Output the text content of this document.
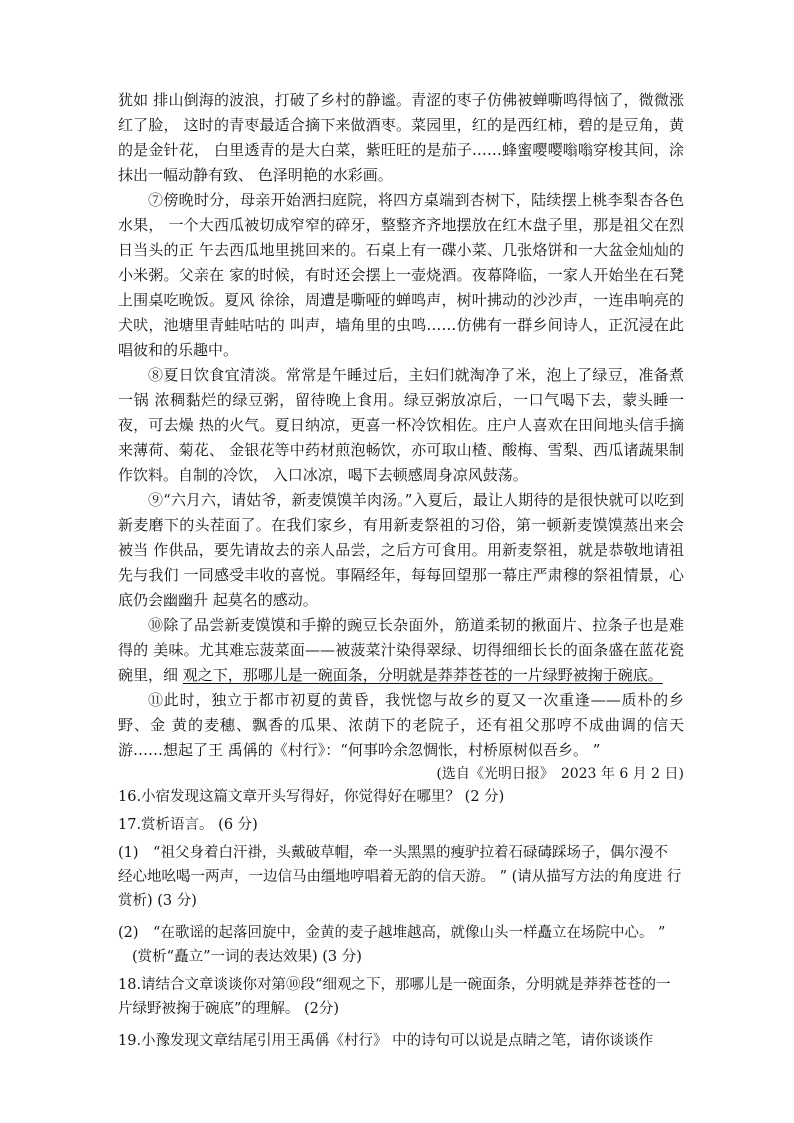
犹如 排山倒海的波浪，打破了乡村的静谧。青涩的枣子仿佛被蝉嘶鸣得恼了，微微涨红了脸， 这时的青枣最适合摘下来做酒枣。菜园里，红的是西红柿，碧的是豆角，黄的是金针花， 白里透青的是大白菜，紫旺旺的是茄子……蜂蜜嘤嘤嗡嗡穿梭其间，涂抹出一幅动静有致、 色泽明艳的水彩画。

⑦傍晚时分，母亲开始洒扫庭院，将四方桌端到杏树下，陆续摆上桃李梨杏各色水果， 一个大西瓜被切成窄窄的碎牙，整整齐齐地摆放在红木盘子里，那是祖父在烈日当头的正 午去西瓜地里挑回来的。石桌上有一碟小菜、几张烙饼和一大盆金灿灿的小米粥。父亲在 家的时候，有时还会摆上一壶烧酒。夜幕降临，一家人开始坐在石凳上围桌吃晚饭。夏风 徐徐，周遭是嘶哑的蝉鸣声，树叶拂动的沙沙声，一连串响亮的犬吠，池塘里青蛙咕咕的 叫声，墙角里的虫鸣……仿佛有一群乡间诗人，正沉浸在此唱彼和的乐趣中。

⑧夏日饮食宜清淡。常常是午睡过后，主妇们就淘净了米，泡上了绿豆，准备煮一锅 浓稠黏烂的绿豆粥，留待晚上食用。绿豆粥放凉后，一口气喝下去，蒙头睡一夜，可去燥 热的火气。夏日纳凉，更喜一杯冷饮相佐。庄户人喜欢在田间地头信手摘来薄荷、菊花、 金银花等中药材煎泡畅饮，亦可取山楂、酸梅、雪梨、西瓜诸蔬果制作饮料。自制的冷饮， 入口冰凉，喝下去顿感周身凉风鼓荡。

⑨“六月六，请姑爷，新麦馍馍羊肉汤。”入夏后，最让人期待的是很快就可以吃到 新麦磨下的头茬面了。在我们家乡，有用新麦祭祖的习俗，第一顿新麦馍馍蒸出来会被当 作供品，要先请故去的亲人品尝，之后方可食用。用新麦祭祖，就是恭敬地请祖先与我们 一同感受丰收的喜悦。事隔经年，每每回望那一幕庄严肃穆的祭祖情景，心底仍会幽幽升 起莫名的感动。

⑩除了品尝新麦馍馍和手擀的豌豆长杂面外，筋道柔韧的揪面片、拉条子也是难得的 美味。尤其难忘菠菜面——被菠菜汁染得翠绿、切得细细长长的面条盛在蓝花瓷碗里，细 观之下，那哪儿是一碗面条，分明就是莽莽苍苍的一片绿野被掬于碗底。

⑪此时，独立于都市初夏的黄昏，我恍惚与故乡的夏又一次重逢——质朴的乡野、金 黄的麦穗、飘香的瓜果、浓荫下的老院子，还有祖父那哼不成曲调的信天游……想起了王 禹偁的《村行》：“何事吟余忽惆怅，村桥原树似吾乡。 ”

(选自《光明日报》　2023 年 6 月 2 日)

16.小宿发现这篇文章开头写得好，你觉得好在哪里？ (2 分)

17.赏析语言。 (6 分)

(1)　“祖父身着白汗褂，头戴破草帽，牵一头黑黑的瘦驴拉着石碌碡踩场子，偶尔漫不 经心地吆喝一两声，一边信马由缰地哼唱着无韵的信天游。 ” (请从描写方法的角度进 行赏析) (3 分)

(2)　“在歌谣的起落回旋中，金黄的麦子越堆越高，就像山头一样矗立在场院中心。 ”

(赏析“矗立”一词的表达效果) (3 分)

18.请结合文章谈谈你对第⑩段“细观之下，那哪儿是一碗面条，分明就是莽莽苍苍的一 片绿野被掬于碗底”的理解。 (2分)

19.小豫发现文章结尾引用王禹偁《村行》 中的诗句可以说是点睛之笔，请你谈谈作
